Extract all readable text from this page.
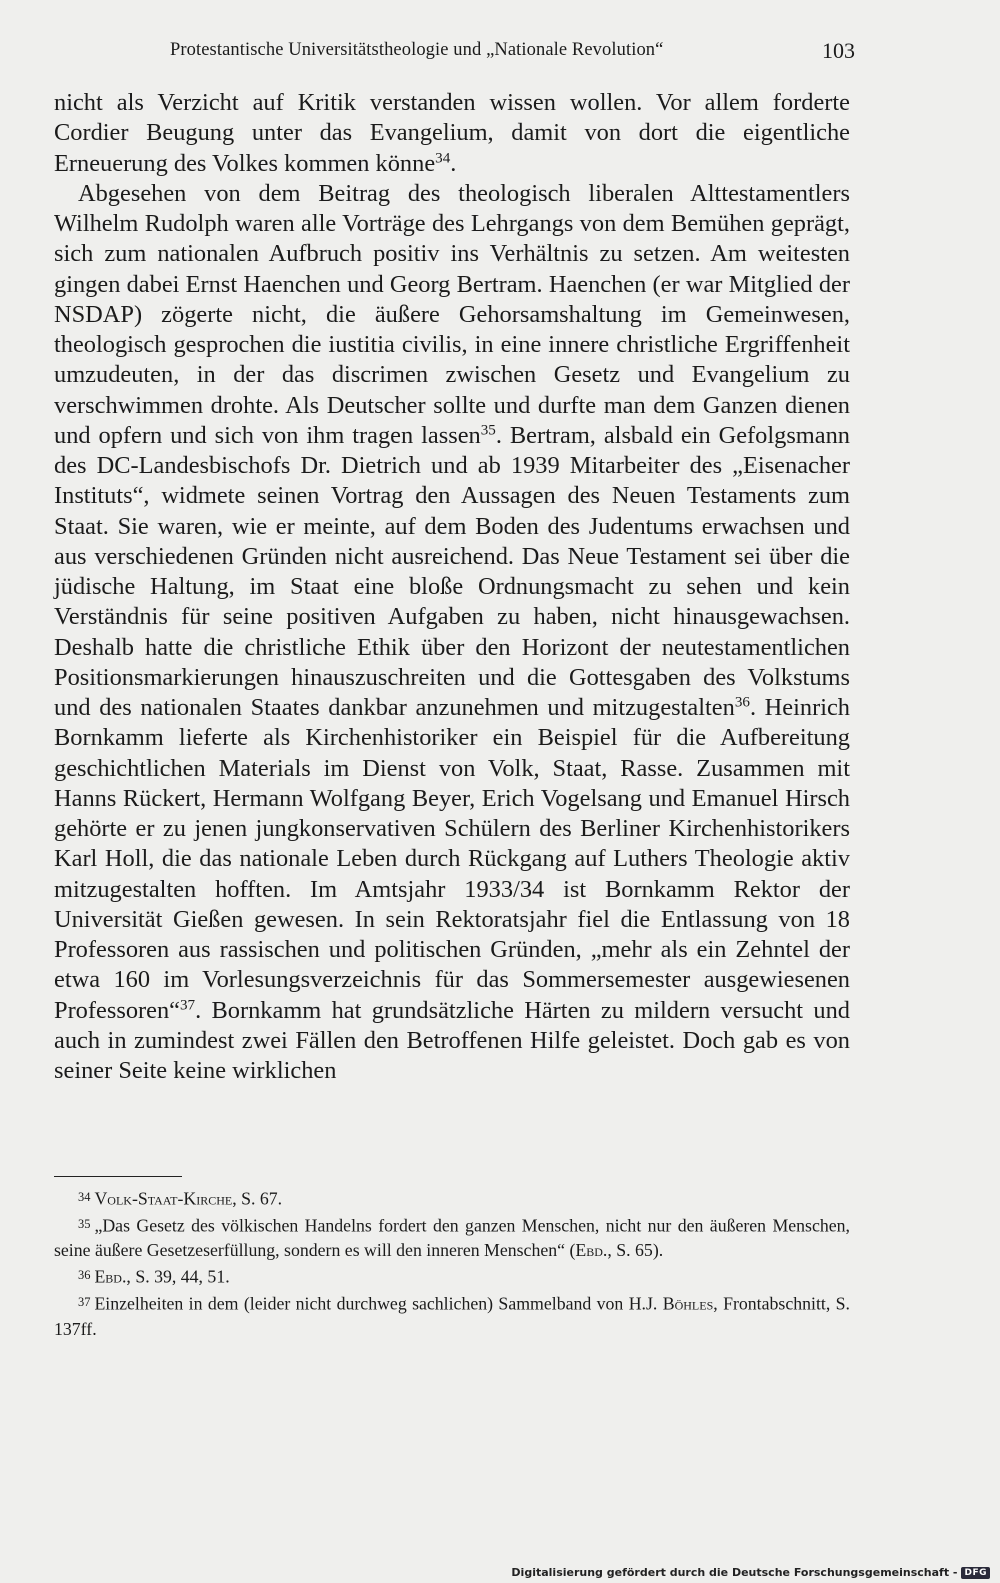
Protestantische Universitätstheologie und „Nationale Revolution“	103

nicht als Verzicht auf Kritik verstanden wissen wollen. Vor allem forderte Cordier Beugung unter das Evangelium, damit von dort die eigentliche Erneuerung des Volkes kommen könne$^{34}$.

Abgesehen von dem Beitrag des theologisch liberalen Alttestamentlers Wilhelm Rudolph waren alle Vorträge des Lehrgangs von dem Bemühen geprägt, sich zum nationalen Aufbruch positiv ins Verhältnis zu setzen. Am weitesten gingen dabei Ernst Haenchen und Georg Bertram. Haenchen (er war Mitglied der NSDAP) zögerte nicht, die äußere Gehorsamshaltung im Gemeinwesen, theologisch gesprochen die iustitia civilis, in eine innere christliche Ergriffenheit umzudeuten, in der das discrimen zwischen Gesetz und Evangelium zu verschwimmen drohte. Als Deutscher sollte und durfte man dem Ganzen dienen und opfern und sich von ihm tragen lassen$^{35}$. Bertram, alsbald ein Gefolgsmann des DC-Landesbischofs Dr. Dietrich und ab 1939 Mitarbeiter des „Eisenacher Instituts“, widmete seinen Vortrag den Aussagen des Neuen Testaments zum Staat. Sie waren, wie er meinte, auf dem Boden des Judentums erwachsen und aus verschiedenen Gründen nicht ausreichend. Das Neue Testament sei über die jüdische Haltung, im Staat eine bloße Ordnungsmacht zu sehen und kein Verständnis für seine positiven Aufgaben zu haben, nicht hinausgewachsen. Deshalb hatte die christliche Ethik über den Horizont der neutestamentlichen Positionsmarkierungen hinauszuschreiten und die Gottesgaben des Volkstums und des nationalen Staates dankbar anzunehmen und mitzugestalten$^{36}$. Heinrich Bornkamm lieferte als Kirchenhistoriker ein Beispiel für die Aufbereitung geschichtlichen Materials im Dienst von Volk, Staat, Rasse. Zusammen mit Hanns Rückert, Hermann Wolfgang Beyer, Erich Vogelsang und Emanuel Hirsch gehörte er zu jenen jungkonservativen Schülern des Berliner Kirchenhistorikers Karl Holl, die das nationale Leben durch Rückgang auf Luthers Theologie aktiv mitzugestalten hofften. Im Amtsjahr 1933/34 ist Bornkamm Rektor der Universität Gießen gewesen. In sein Rektoratsjahr fiel die Entlassung von 18 Professoren aus rassischen und politischen Gründen, „mehr als ein Zehntel der etwa 160 im Vorlesungsverzeichnis für das Sommersemester ausgewiesenen Professoren“$^{37}$. Bornkamm hat grundsätzliche Härten zu mildern versucht und auch in zumindest zwei Fällen den Betroffenen Hilfe geleistet. Doch gab es von seiner Seite keine wirklichen

$^{34}$ Volk-Staat-Kirche, S. 67.

$^{35}$ „Das Gesetz des völkischen Handelns fordert den ganzen Menschen, nicht nur den äußeren Menschen, seine äußere Gesetzeserfüllung, sondern es will den inneren Menschen“ (Ebd., S. 65).

$^{36}$ Ebd., S. 39, 44, 51.

$^{37}$ Einzelheiten in dem (leider nicht durchweg sachlichen) Sammelband von H.J. Böhles, Frontabschnitt, S. 137ff.

Digitalisierung gefördert durch die Deutsche Forschungsgemeinschaft - DFG
